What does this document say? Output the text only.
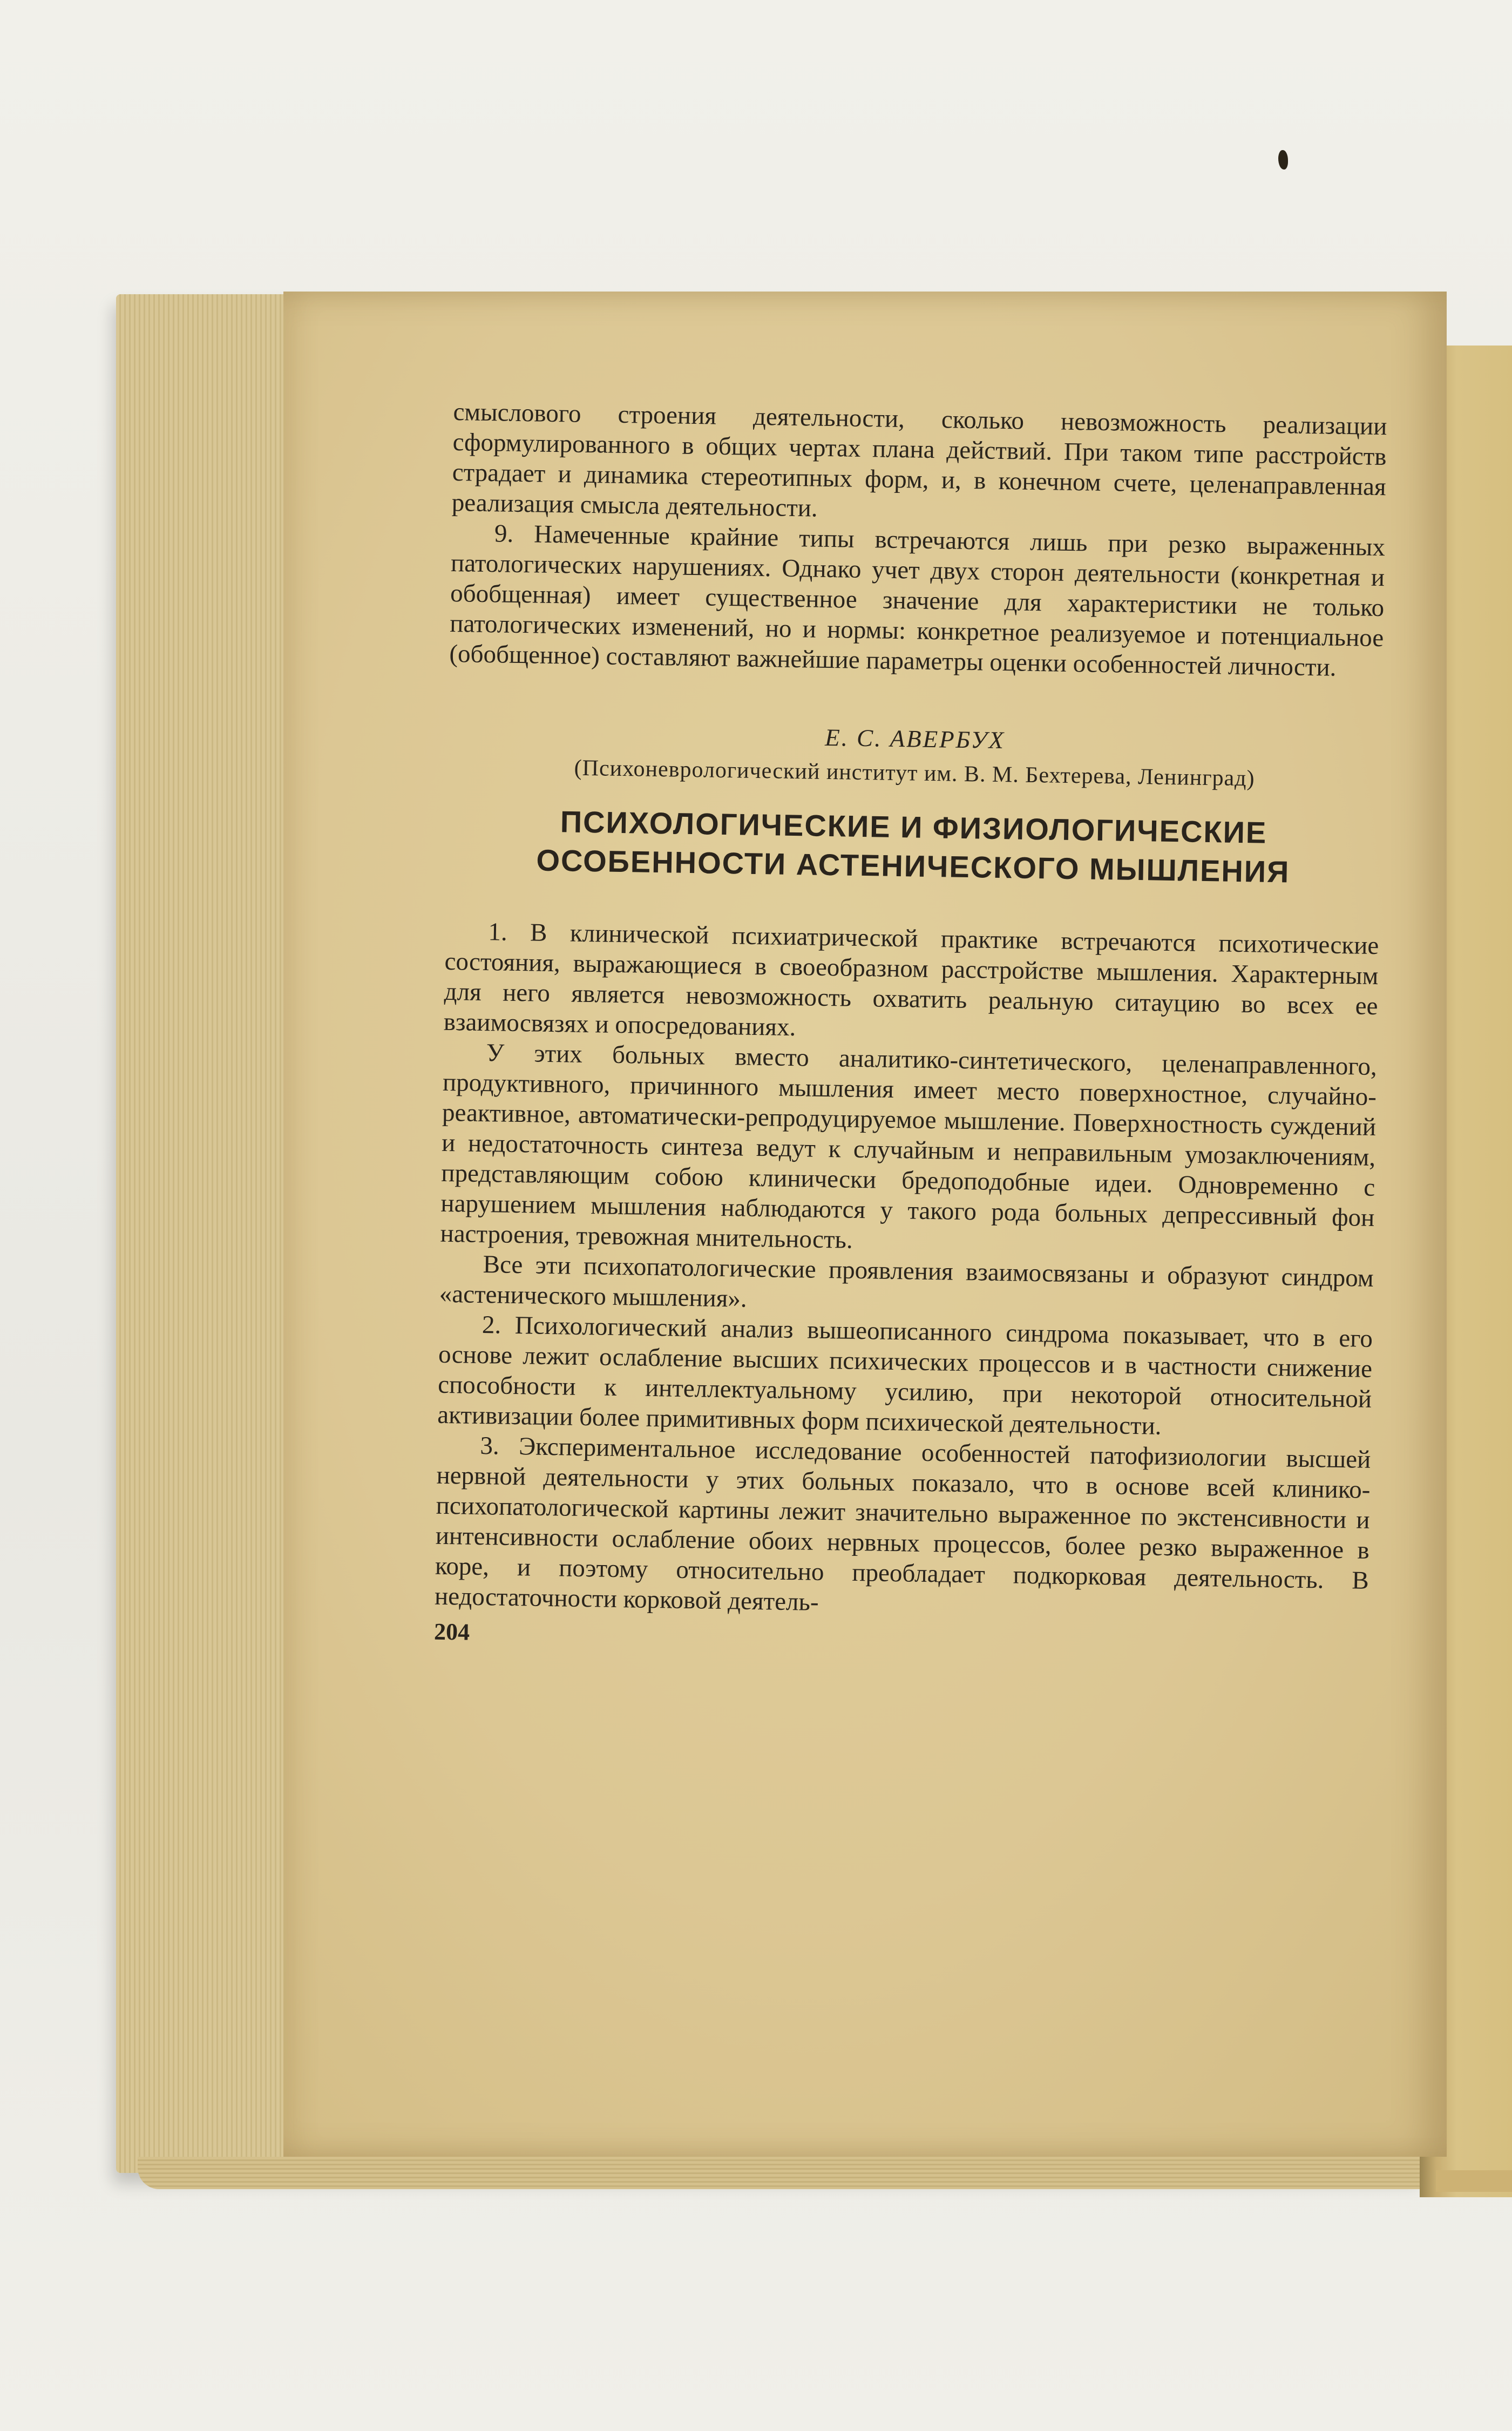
смыслового строения деятельности, сколько невозможность реализации сформулированного в общих чертах плана действий. При таком типе расстройств страдает и динамика стереотипных форм, и, в конечном счете, целенаправленная реализация смысла деятельности.

9. Намеченные крайние типы встречаются лишь при резко выраженных патологических нарушениях. Однако учет двух сторон деятельности (конкретная и обобщенная) имеет существенное значение для характеристики не только патологических изменений, но и нормы: конкретное реализуемое и потенциальное (обобщенное) составляют важнейшие параметры оценки особенностей личности.

Е. С. АВЕРБУХ

(Психоневрологический институт им. В. М. Бехтерева, Ленинград)

ПСИХОЛОГИЧЕСКИЕ И ФИЗИОЛОГИЧЕСКИЕ
ОСОБЕННОСТИ АСТЕНИЧЕСКОГО МЫШЛЕНИЯ

1. В клинической психиатрической практике встречаются психотические состояния, выражающиеся в своеобразном расстройстве мышления. Характерным для него является невозможность охватить реальную ситауцию во всех ее взаимосвязях и опосредованиях.

У этих больных вместо аналитико-синтетического, целенаправленного, продуктивного, причинного мышления имеет место поверхностное, случайно-реактивное, автоматически-репродуцируемое мышление. Поверхностность суждений и недостаточность синтеза ведут к случайным и неправильным умозаключениям, представляющим собою клинически бредоподобные идеи. Одновременно с нарушением мышления наблюдаются у такого рода больных депрессивный фон настроения, тревожная мнительность.

Все эти психопатологические проявления взаимосвязаны и образуют синдром «астенического мышления».

2. Психологический анализ вышеописанного синдрома показывает, что в его основе лежит ослабление высших психических процессов и в частности снижение способности к интеллектуальному усилию, при некоторой относительной активизации более примитивных форм психической деятельности.

3. Экспериментальное исследование особенностей патофизиологии высшей нервной деятельности у этих больных показало, что в основе всей клинико-психопатологической картины лежит значительно выраженное по экстенсивности и интенсивности ослабление обоих нервных процессов, более резко выраженное в коре, и поэтому относительно преобладает подкорковая деятельность. В недостаточности корковой деятель-

204
